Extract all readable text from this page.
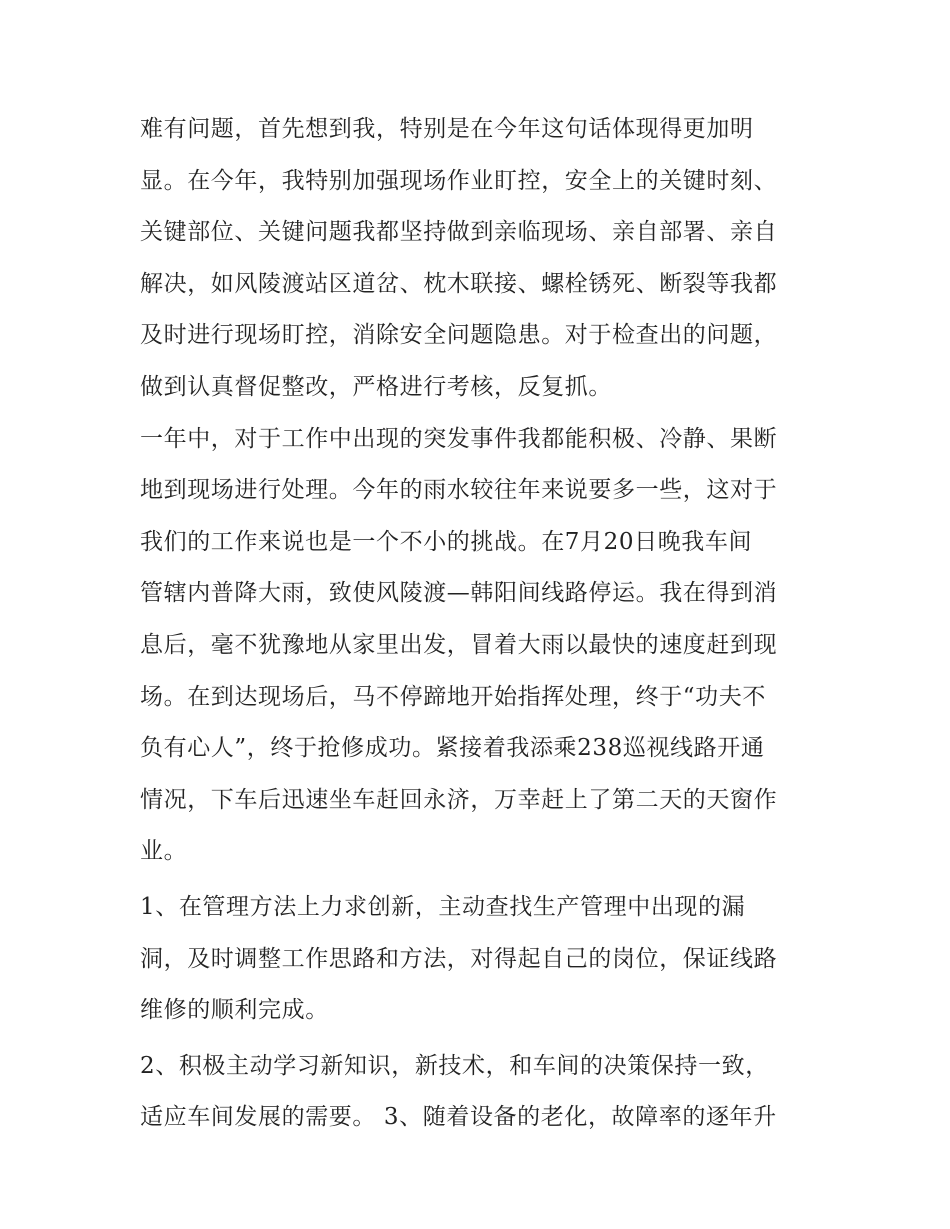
难有问题，首先想到我，特别是在今年这句话体现得更加明
显。在今年，我特别加强现场作业盯控，安全上的关键时刻、
关键部位、关键问题我都坚持做到亲临现场、亲自部署、亲自
解决，如风陵渡站区道岔、枕木联接、螺栓锈死、断裂等我都
及时进行现场盯控，消除安全问题隐患。对于检查出的问题，
做到认真督促整改，严格进行考核，反复抓。
一年中，对于工作中出现的突发事件我都能积极、冷静、果断
地到现场进行处理。今年的雨水较往年来说要多一些，这对于
我们的工作来说也是一个不小的挑战。在7月20日晚我车间
管辖内普降大雨，致使风陵渡—韩阳间线路停运。我在得到消
息后，毫不犹豫地从家里出发，冒着大雨以最快的速度赶到现
场。在到达现场后，马不停蹄地开始指挥处理，终于“功夫不
负有心人”，终于抢修成功。紧接着我添乘238巡视线路开通
情况，下车后迅速坐车赶回永济，万幸赶上了第二天的天窗作
业。
1、在管理方法上力求创新，主动查找生产管理中出现的漏
洞，及时调整工作思路和方法，对得起自己的岗位，保证线路
维修的顺利完成。
2、积极主动学习新知识，新技术，和车间的决策保持一致，
适应车间发展的需要。 3、随着设备的老化，故障率的逐年升
